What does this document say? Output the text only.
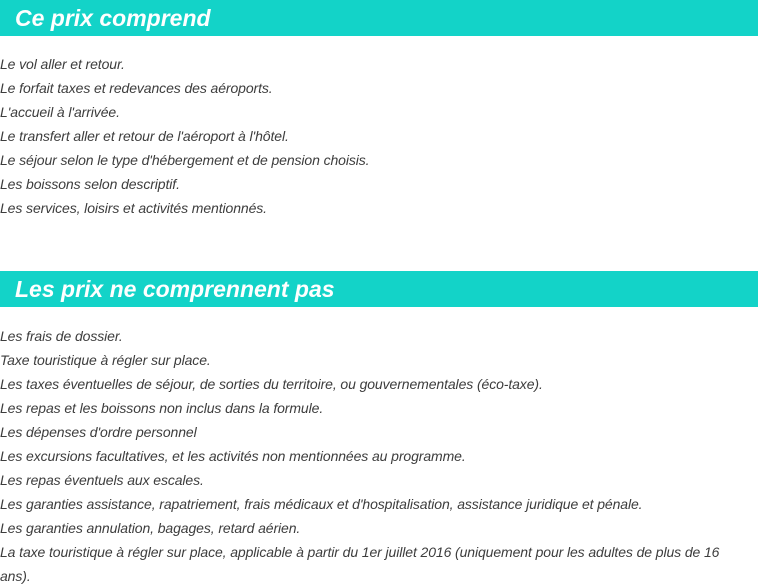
Ce prix comprend
Le vol aller et retour.
Le forfait taxes et redevances des aéroports.
L'accueil à l'arrivée.
Le transfert aller et retour de l'aéroport à l'hôtel.
Le séjour selon le type d'hébergement et de pension choisis.
Les boissons selon descriptif.
Les services, loisirs et activités mentionnés.
Les prix ne comprennent pas
Les frais de dossier.
Taxe touristique à régler sur place.
Les taxes éventuelles de séjour, de sorties du territoire, ou gouvernementales (éco-taxe).
Les repas et les boissons non inclus dans la formule.
Les dépenses d'ordre personnel
Les excursions facultatives, et les activités non mentionnées au programme.
Les repas éventuels aux escales.
Les garanties assistance, rapatriement, frais médicaux et d'hospitalisation, assistance juridique et pénale.
Les garanties annulation, bagages, retard aérien.
La taxe touristique à régler sur place, applicable à partir du 1er juillet 2016 (uniquement pour les adultes de plus de 16 ans).
